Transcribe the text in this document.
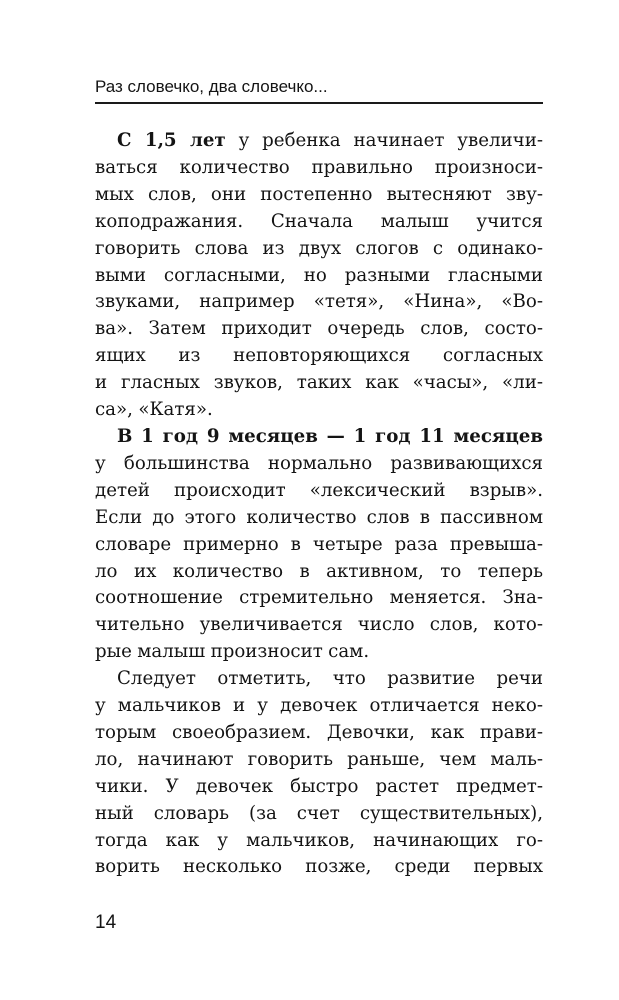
Раз словечко, два словечко...
С 1,5 лет у ребенка начинает увеличи-
ваться количество правильно произноси-
мых слов, они постепенно вытесняют зву-
коподражания. Сначала малыш учится
говорить слова из двух слогов с одинако-
выми согласными, но разными гласными
звуками, например «тетя», «Нина», «Во-
ва». Затем приходит очередь слов, состо-
ящих из неповторяющихся согласных
и гласных звуков, таких как «часы», «ли-
са», «Катя».
В 1 год 9 месяцев — 1 год 11 месяцев
у большинства нормально развивающихся
детей происходит «лексический взрыв».
Если до этого количество слов в пассивном
словаре примерно в четыре раза превыша-
ло их количество в активном, то теперь
соотношение стремительно меняется. Зна-
чительно увеличивается число слов, кото-
рые малыш произносит сам.
Следует отметить, что развитие речи
у мальчиков и у девочек отличается неко-
торым своеобразием. Девочки, как прави-
ло, начинают говорить раньше, чем маль-
чики. У девочек быстро растет предмет-
ный словарь (за счет существительных),
тогда как у мальчиков, начинающих го-
ворить несколько позже, среди первых
14
